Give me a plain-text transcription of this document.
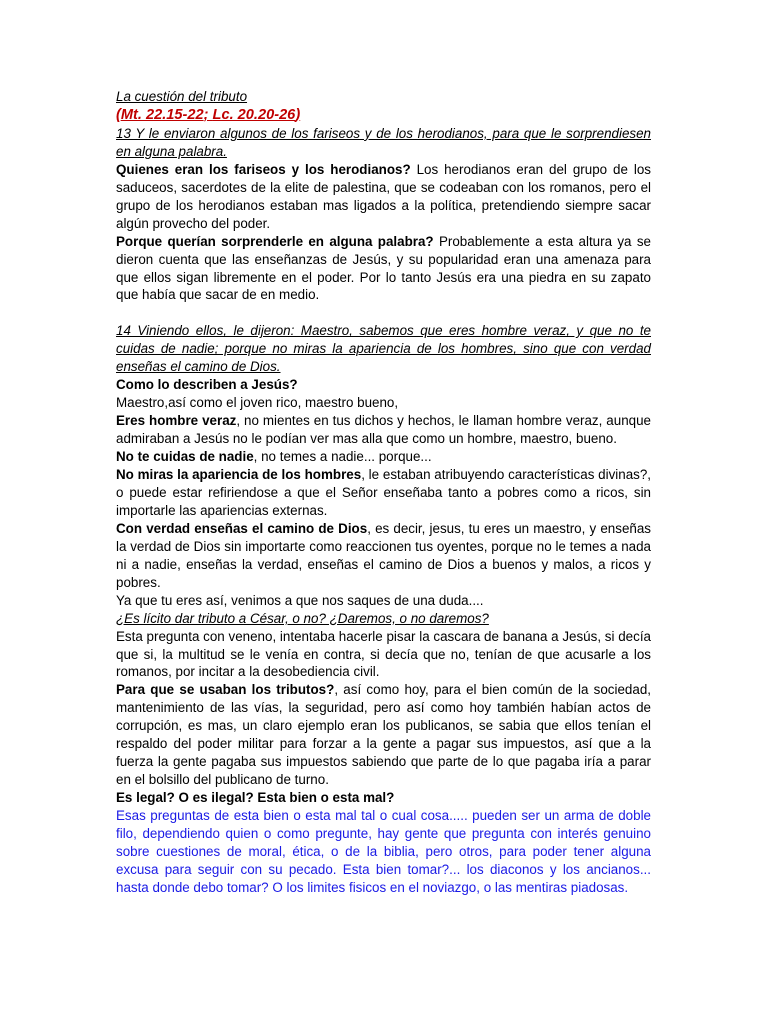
La cuestión del tributo

(Mt. 22.15-22; Lc. 20.20-26)

13 Y le enviaron algunos de los fariseos y de los herodianos, para que le sorprendiesen en alguna palabra.

Quienes eran los fariseos y los herodianos? Los herodianos eran del grupo de los saduceos, sacerdotes de la elite de palestina, que se codeaban con los romanos, pero el grupo de los herodianos estaban mas ligados a la política, pretendiendo siempre sacar algún provecho del poder.

Porque querían sorprenderle en alguna palabra? Probablemente a esta altura ya se dieron cuenta que las enseñanzas de Jesús, y su popularidad eran una amenaza para que ellos sigan libremente en el poder. Por lo tanto Jesús era una piedra en su zapato que había que sacar de en medio.

14 Viniendo ellos, le dijeron: Maestro, sabemos que eres hombre veraz, y que no te cuidas de nadie; porque no miras la apariencia de los hombres, sino que con verdad enseñas el camino de Dios.

Como lo describen a Jesús?

Maestro,así como el joven rico, maestro bueno,

Eres hombre veraz, no mientes en tus dichos y hechos, le llaman hombre veraz, aunque admiraban a Jesús no le podían ver mas alla que como un hombre, maestro, bueno.

No te cuidas de nadie, no temes a nadie... porque...

No miras la apariencia de los hombres, le estaban atribuyendo características divinas?, o puede estar refiriendose a que el Señor enseñaba tanto a pobres como a ricos, sin importarle las apariencias externas.

Con verdad enseñas el camino de Dios, es decir, jesus, tu eres un maestro, y enseñas la verdad de Dios sin importarte como reaccionen tus oyentes, porque no le temes a nada ni a nadie, enseñas la verdad, enseñas el camino de Dios a buenos y malos, a ricos y pobres.

Ya que tu eres así, venimos a que nos saques de una duda....

¿Es lícito dar tributo a César, o no? ¿Daremos, o no daremos?

Esta pregunta con veneno, intentaba hacerle pisar la cascara de banana a Jesús, si decía que si, la multitud se le venía en contra, si decía que no, tenían de que acusarle a los romanos, por incitar a la desobediencia civil.

Para que se usaban los tributos?, así como hoy, para el bien común de la sociedad, mantenimiento de las vías, la seguridad, pero así como hoy también habían actos de corrupción, es mas, un claro ejemplo eran los publicanos, se sabia que ellos tenían el respaldo del poder militar para forzar a la gente a pagar sus impuestos, así que a la fuerza la gente pagaba sus impuestos sabiendo que parte de lo que pagaba iría a parar en el bolsillo del publicano de turno.

Es legal? O es ilegal? Esta bien o esta mal?

Esas preguntas de esta bien o esta mal tal o cual cosa..... pueden ser un arma de doble filo, dependiendo quien o como pregunte, hay gente que pregunta con interés genuino sobre cuestiones de moral, ética, o de la biblia, pero otros, para poder tener alguna excusa para seguir con su pecado. Esta bien tomar?... los diaconos y los ancianos... hasta donde debo tomar? O los limites fisicos en el noviazgo, o las mentiras piadosas.
